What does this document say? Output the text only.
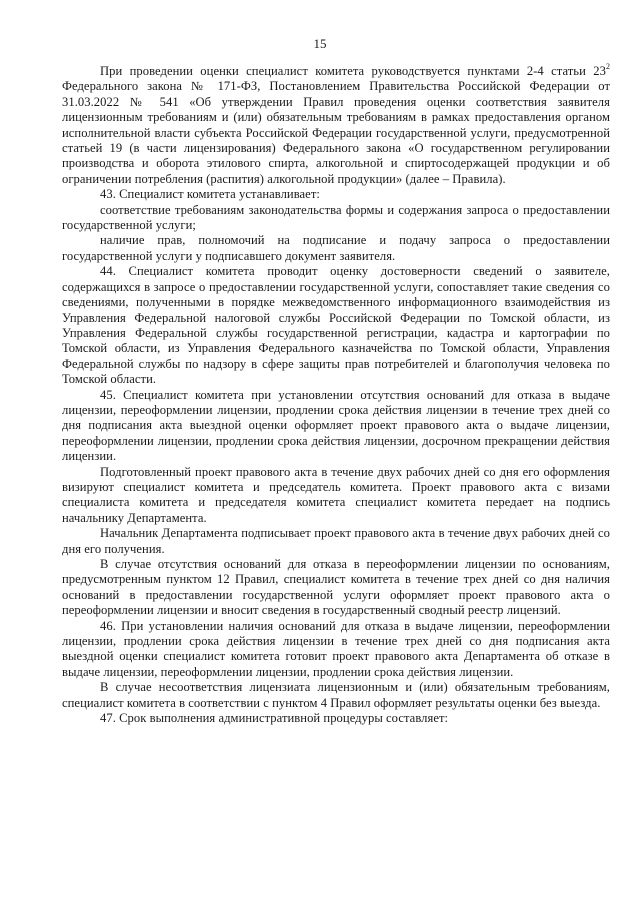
15

При проведении оценки специалист комитета руководствуется пунктами 2-4 статьи $23^2$ Федерального закона № 171-ФЗ, Постановлением Правительства Российской Федерации от 31.03.2022 № 541 «Об утверждении Правил проведения оценки соответствия заявителя лицензионным требованиям и (или) обязательным требованиям в рамках предоставления органом исполнительной власти субъекта Российской Федерации государственной услуги, предусмотренной статьей 19 (в части лицензирования) Федерального закона «О государственном регулировании производства и оборота этилового спирта, алкогольной и спиртосодержащей продукции и об ограничении потребления (распития) алкогольной продукции» (далее – Правила).

43. Специалист комитета устанавливает:

соответствие требованиям законодательства формы и содержания запроса о предоставлении государственной услуги;

наличие прав, полномочий на подписание и подачу запроса о предоставлении государственной услуги у подписавшего документ заявителя.

44. Специалист комитета проводит оценку достоверности сведений о заявителе, содержащихся в запросе о предоставлении государственной услуги, сопоставляет такие сведения со сведениями, полученными в порядке межведомственного информационного взаимодействия из Управления Федеральной налоговой службы Российской Федерации по Томской области, из Управления Федеральной службы государственной регистрации, кадастра и картографии по Томской области, из Управления Федерального казначейства по Томской области, Управления Федеральной службы по надзору в сфере защиты прав потребителей и благополучия человека по Томской области.

45. Специалист комитета при установлении отсутствия оснований для отказа в выдаче лицензии, переоформлении лицензии, продлении срока действия лицензии в течение трех дней со дня подписания акта выездной оценки оформляет проект правового акта о выдаче лицензии, переоформлении лицензии, продлении срока действия лицензии, досрочном прекращении действия лицензии.

Подготовленный проект правового акта в течение двух рабочих дней со дня его оформления визируют специалист комитета и председатель комитета. Проект правового акта с визами специалиста комитета и председателя комитета специалист комитета передает на подпись начальнику Департамента.

Начальник Департамента подписывает проект правового акта в течение двух рабочих дней со дня его получения.

В случае отсутствия оснований для отказа в переоформлении лицензии по основаниям, предусмотренным пунктом 12 Правил, специалист комитета в течение трех дней со дня наличия оснований в предоставлении государственной услуги оформляет проект правового акта о переоформлении лицензии и вносит сведения в государственный сводный реестр лицензий.

46. При установлении наличия оснований для отказа в выдаче лицензии, переоформлении лицензии, продлении срока действия лицензии в течение трех дней со дня подписания акта выездной оценки специалист комитета готовит проект правового акта Департамента об отказе в выдаче лицензии, переоформлении лицензии, продлении срока действия лицензии.

В случае несоответствия лицензиата лицензионным и (или) обязательным требованиям, специалист комитета в соответствии с пунктом 4 Правил оформляет результаты оценки без выезда.

47. Срок выполнения административной процедуры составляет:
